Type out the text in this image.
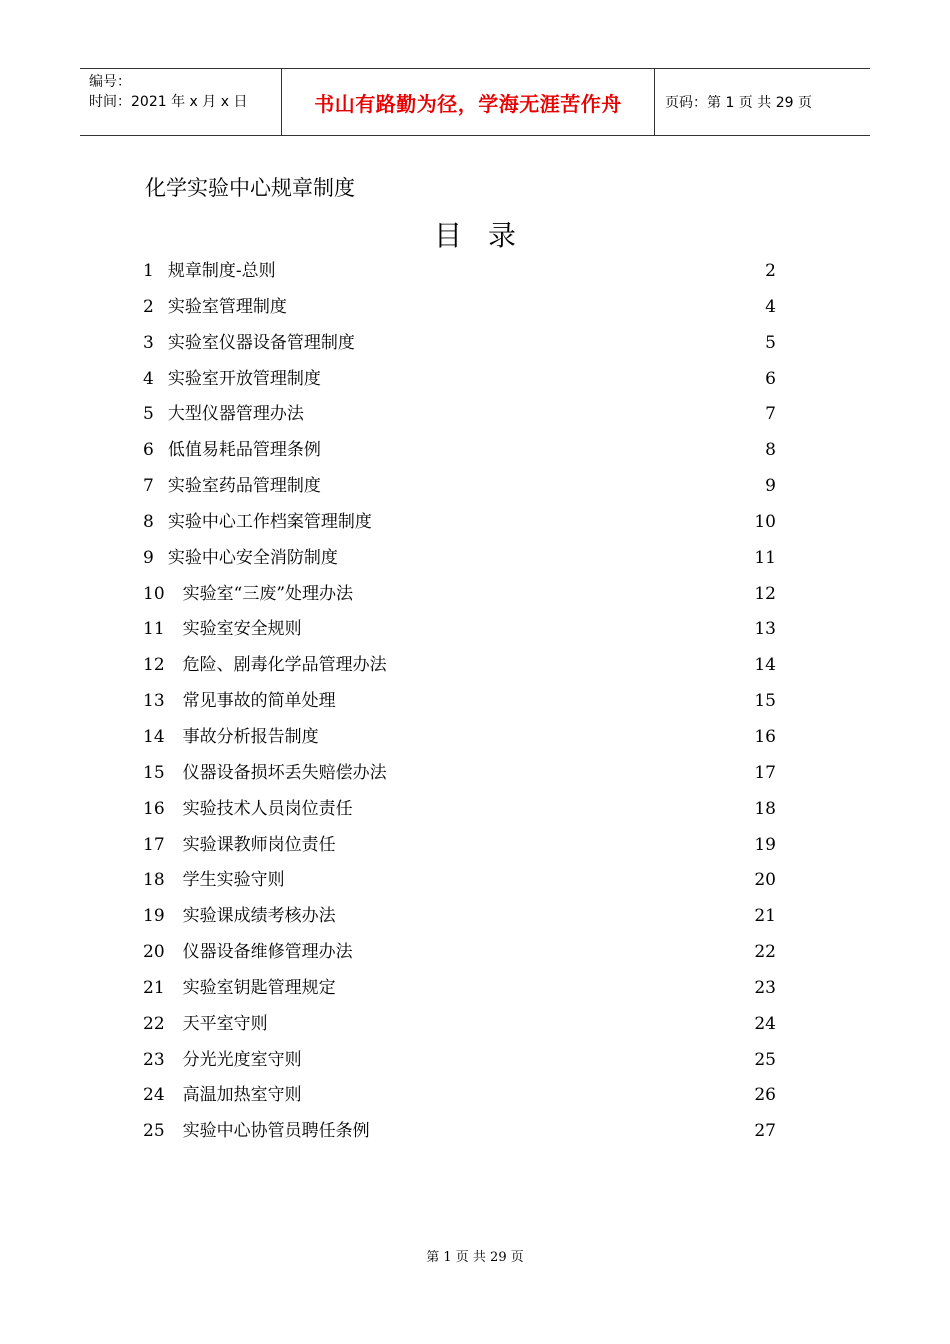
编号：
时间：2021 年 x 月 x 日	书山有路勤为径，学海无涯苦作舟	页码：第 1 页 共 29 页
化学实验中心规章制度
目录
1 规章制度-总则	2
2 实验室管理制度	4
3 实验室仪器设备管理制度	5
4 实验室开放管理制度	6
5 大型仪器管理办法	7
6 低值易耗品管理条例	8
7 实验室药品管理制度	9
8 实验中心工作档案管理制度	10
9 实验中心安全消防制度	11
10 实验室“三废”处理办法	12
11 实验室安全规则	13
12 危险、剧毒化学品管理办法	14
13 常见事故的简单处理	15
14 事故分析报告制度	16
15 仪器设备损坏丢失赔偿办法	17
16 实验技术人员岗位责任	18
17 实验课教师岗位责任	19
18 学生实验守则	20
19 实验课成绩考核办法	21
20 仪器设备维修管理办法	22
21 实验室钥匙管理规定	23
22 天平室守则	24
23 分光光度室守则	25
24 高温加热室守则	26
25 实验中心协管员聘任条例	27
第 1 页 共 29 页
